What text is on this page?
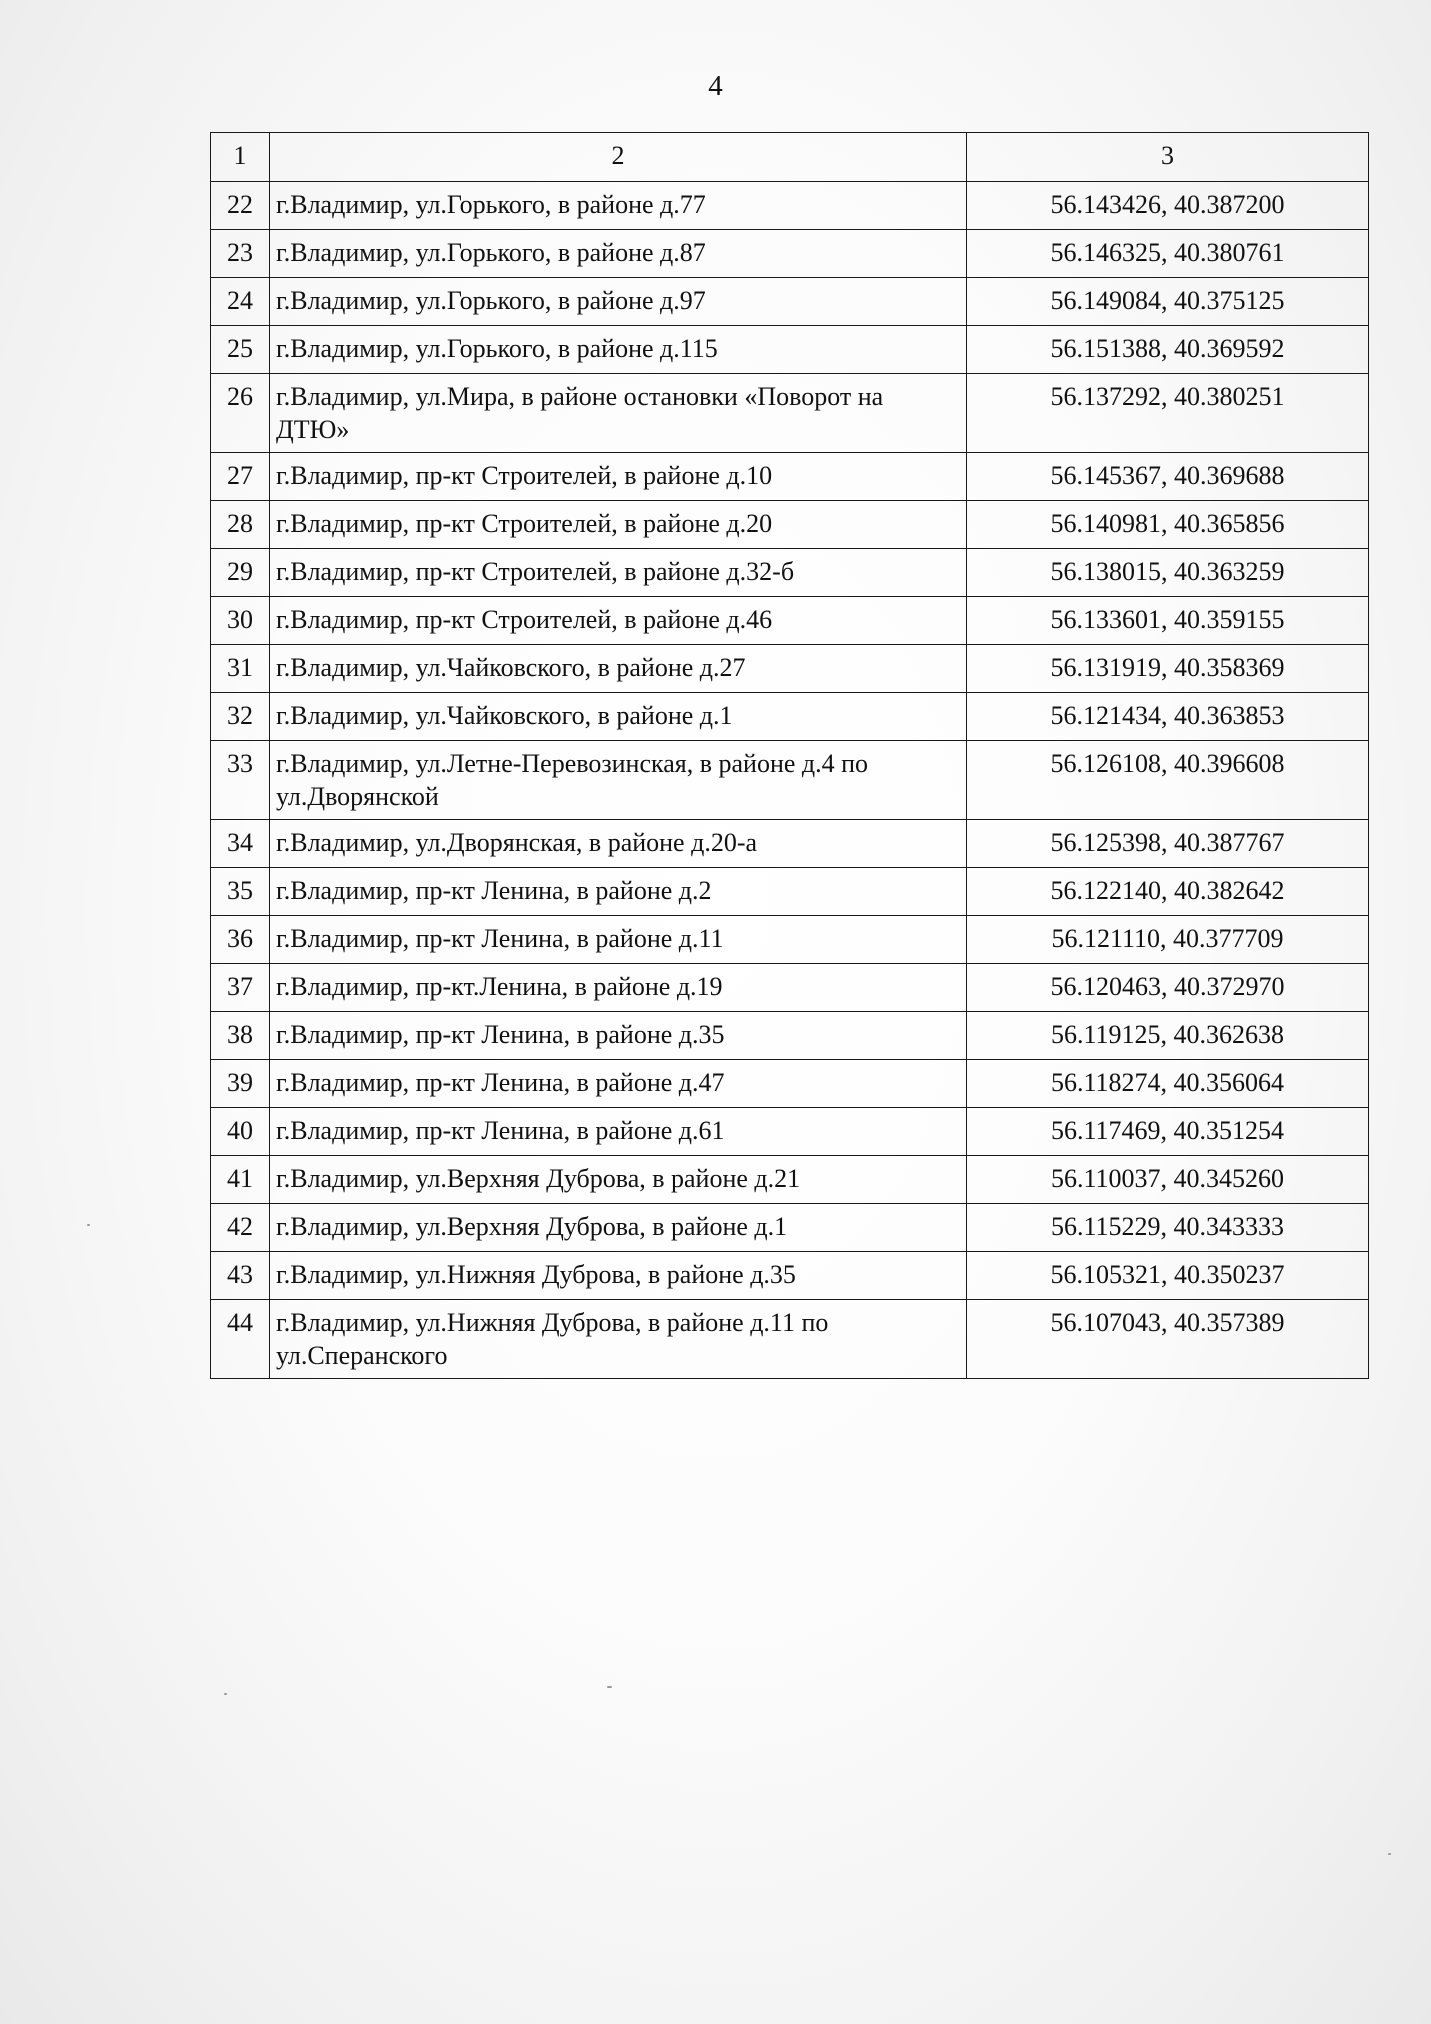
4
1	2	3
22	г.Владимир, ул.Горького, в районе д.77	56.143426, 40.387200
23	г.Владимир, ул.Горького, в районе д.87	56.146325, 40.380761
24	г.Владимир, ул.Горького, в районе д.97	56.149084, 40.375125
25	г.Владимир, ул.Горького, в районе д.115	56.151388, 40.369592
26	г.Владимир, ул.Мира, в районе остановки «Поворот на ДТЮ»	56.137292, 40.380251
27	г.Владимир, пр-кт Строителей, в районе д.10	56.145367, 40.369688
28	г.Владимир, пр-кт Строителей, в районе д.20	56.140981, 40.365856
29	г.Владимир, пр-кт Строителей, в районе д.32-б	56.138015, 40.363259
30	г.Владимир, пр-кт Строителей, в районе д.46	56.133601, 40.359155
31	г.Владимир, ул.Чайковского, в районе д.27	56.131919, 40.358369
32	г.Владимир, ул.Чайковского, в районе д.1	56.121434, 40.363853
33	г.Владимир, ул.Летне-Перевозинская, в районе д.4 по ул.Дворянской	56.126108, 40.396608
34	г.Владимир, ул.Дворянская, в районе д.20-а	56.125398, 40.387767
35	г.Владимир, пр-кт Ленина, в районе д.2	56.122140, 40.382642
36	г.Владимир, пр-кт Ленина, в районе д.11	56.121110, 40.377709
37	г.Владимир, пр-кт.Ленина, в районе д.19	56.120463, 40.372970
38	г.Владимир, пр-кт Ленина, в районе д.35	56.119125, 40.362638
39	г.Владимир, пр-кт Ленина, в районе д.47	56.118274, 40.356064
40	г.Владимир, пр-кт Ленина, в районе д.61	56.117469, 40.351254
41	г.Владимир, ул.Верхняя Дуброва, в районе д.21	56.110037, 40.345260
42	г.Владимир, ул.Верхняя Дуброва, в районе д.1	56.115229, 40.343333
43	г.Владимир, ул.Нижняя Дуброва, в районе д.35	56.105321, 40.350237
44	г.Владимир, ул.Нижняя Дуброва, в районе д.11 по ул.Сперанского	56.107043, 40.357389
